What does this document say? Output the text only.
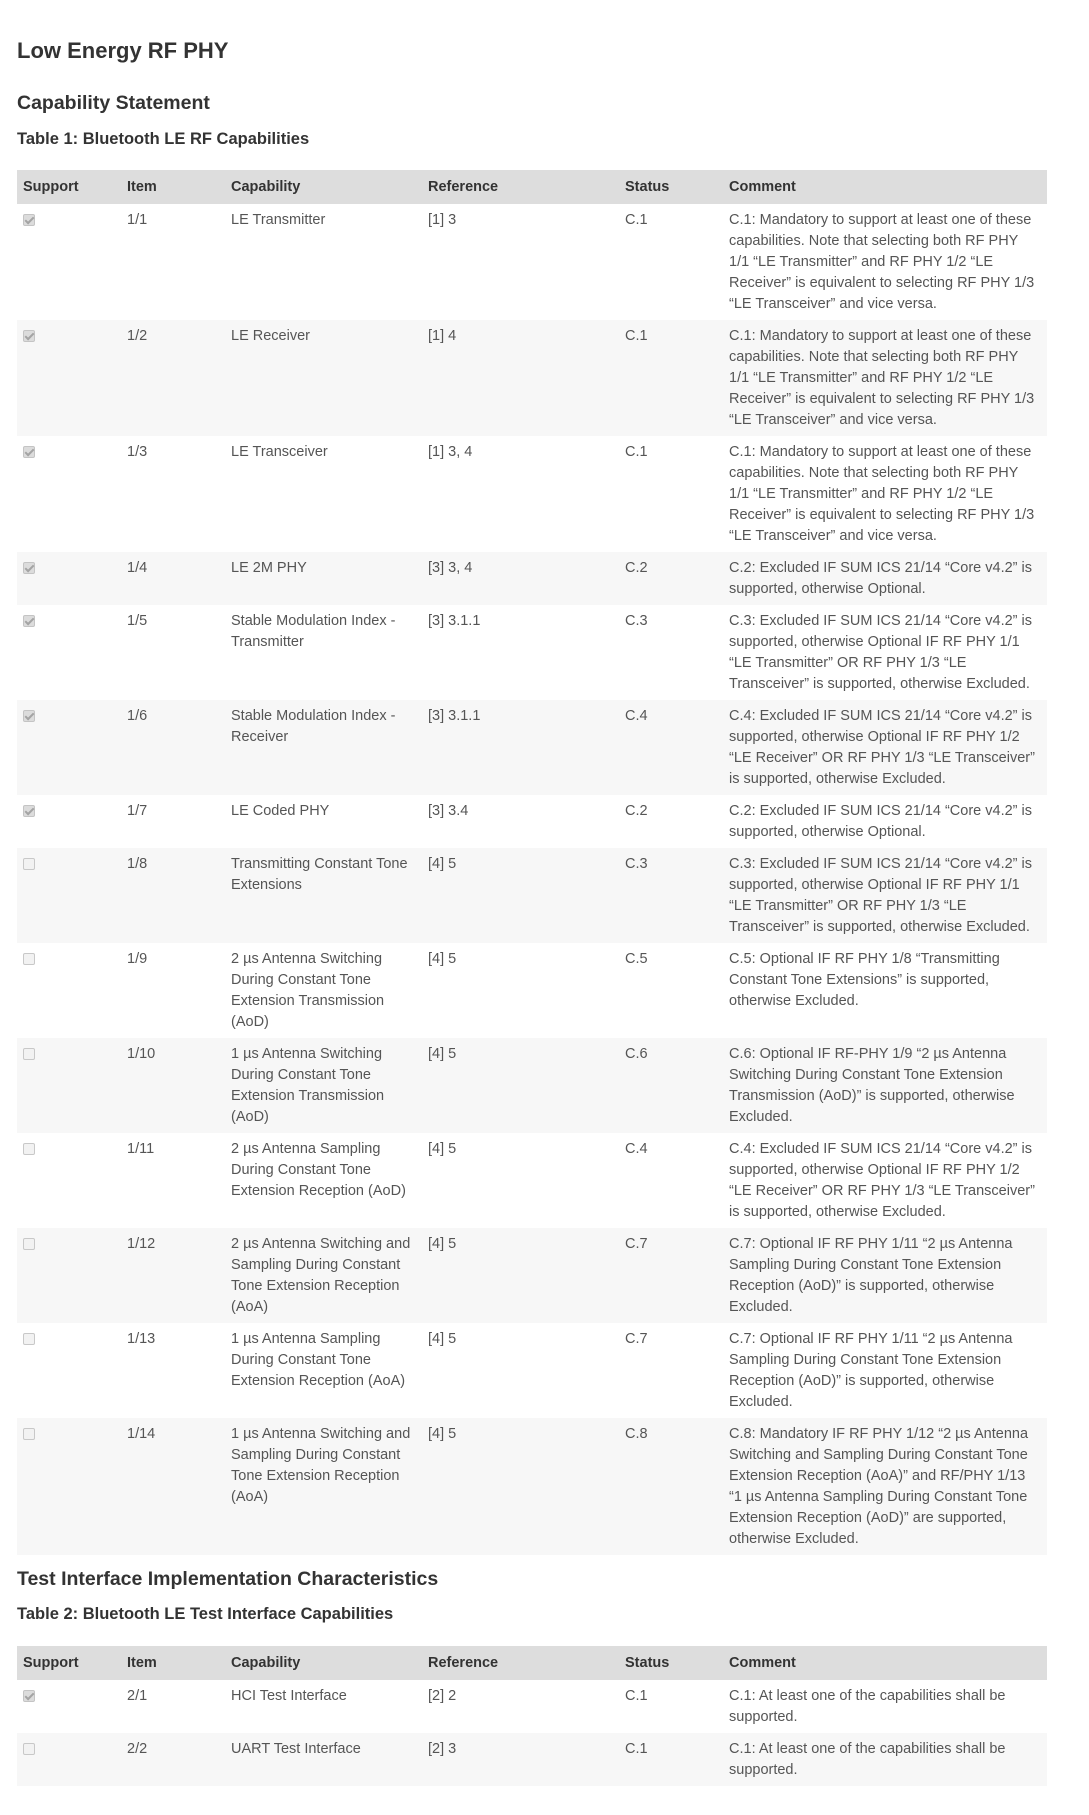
Low Energy RF PHY
Capability Statement
Table 1: Bluetooth LE RF Capabilities
Support	Item	Capability	Reference	Status	Comment
	1/1	LE Transmitter	[1] 3	C.1	C.1: Mandatory to support at least one of these capabilities. Note that selecting both RF PHY 1/1 “LE Transmitter” and RF PHY 1/2 “LE Receiver” is equivalent to selecting RF PHY 1/3 “LE Transceiver” and vice versa.
	1/2	LE Receiver	[1] 4	C.1	C.1: Mandatory to support at least one of these capabilities. Note that selecting both RF PHY 1/1 “LE Transmitter” and RF PHY 1/2 “LE Receiver” is equivalent to selecting RF PHY 1/3 “LE Transceiver” and vice versa.
	1/3	LE Transceiver	[1] 3, 4	C.1	C.1: Mandatory to support at least one of these capabilities. Note that selecting both RF PHY 1/1 “LE Transmitter” and RF PHY 1/2 “LE Receiver” is equivalent to selecting RF PHY 1/3 “LE Transceiver” and vice versa.
	1/4	LE 2M PHY	[3] 3, 4	C.2	C.2: Excluded IF SUM ICS 21/14 “Core v4.2” is supported, otherwise Optional.
	1/5	Stable Modulation Index - Transmitter	[3] 3.1.1	C.3	C.3: Excluded IF SUM ICS 21/14 “Core v4.2” is supported, otherwise Optional IF RF PHY 1/1 “LE Transmitter” OR RF PHY 1/3 “LE Transceiver” is supported, otherwise Excluded.
	1/6	Stable Modulation Index - Receiver	[3] 3.1.1	C.4	C.4: Excluded IF SUM ICS 21/14 “Core v4.2” is supported, otherwise Optional IF RF PHY 1/2 “LE Receiver” OR RF PHY 1/3 “LE Transceiver” is supported, otherwise Excluded.
	1/7	LE Coded PHY	[3] 3.4	C.2	C.2: Excluded IF SUM ICS 21/14 “Core v4.2” is supported, otherwise Optional.
	1/8	Transmitting Constant Tone Extensions	[4] 5	C.3	C.3: Excluded IF SUM ICS 21/14 “Core v4.2” is supported, otherwise Optional IF RF PHY 1/1 “LE Transmitter” OR RF PHY 1/3 “LE Transceiver” is supported, otherwise Excluded.
	1/9	2 µs Antenna Switching During Constant Tone Extension Transmission (AoD)	[4] 5	C.5	C.5: Optional IF RF PHY 1/8 “Transmitting Constant Tone Extensions” is supported, otherwise Excluded.
	1/10	1 µs Antenna Switching During Constant Tone Extension Transmission (AoD)	[4] 5	C.6	C.6: Optional IF RF-PHY 1/9 “2 µs Antenna Switching During Constant Tone Extension Transmission (AoD)” is supported, otherwise Excluded.
	1/11	2 µs Antenna Sampling During Constant Tone Extension Reception (AoD)	[4] 5	C.4	C.4: Excluded IF SUM ICS 21/14 “Core v4.2” is supported, otherwise Optional IF RF PHY 1/2 “LE Receiver” OR RF PHY 1/3 “LE Transceiver” is supported, otherwise Excluded.
	1/12	2 µs Antenna Switching and Sampling During Constant Tone Extension Reception (AoA)	[4] 5	C.7	C.7: Optional IF RF PHY 1/11 “2 µs Antenna Sampling During Constant Tone Extension Reception (AoD)” is supported, otherwise Excluded.
	1/13	1 µs Antenna Sampling During Constant Tone Extension Reception (AoA)	[4] 5	C.7	C.7: Optional IF RF PHY 1/11 “2 µs Antenna Sampling During Constant Tone Extension Reception (AoD)” is supported, otherwise Excluded.
	1/14	1 µs Antenna Switching and Sampling During Constant Tone Extension Reception (AoA)	[4] 5	C.8	C.8: Mandatory IF RF PHY 1/12 “2 µs Antenna Switching and Sampling During Constant Tone Extension Reception (AoA)” and RF/PHY 1/13 “1 µs Antenna Sampling During Constant Tone Extension Reception (AoD)” are supported, otherwise Excluded.
Test Interface Implementation Characteristics
Table 2: Bluetooth LE Test Interface Capabilities
Support	Item	Capability	Reference	Status	Comment
	2/1	HCI Test Interface	[2] 2	C.1	C.1: At least one of the capabilities shall be supported.
	2/2	UART Test Interface	[2] 3	C.1	C.1: At least one of the capabilities shall be supported.
